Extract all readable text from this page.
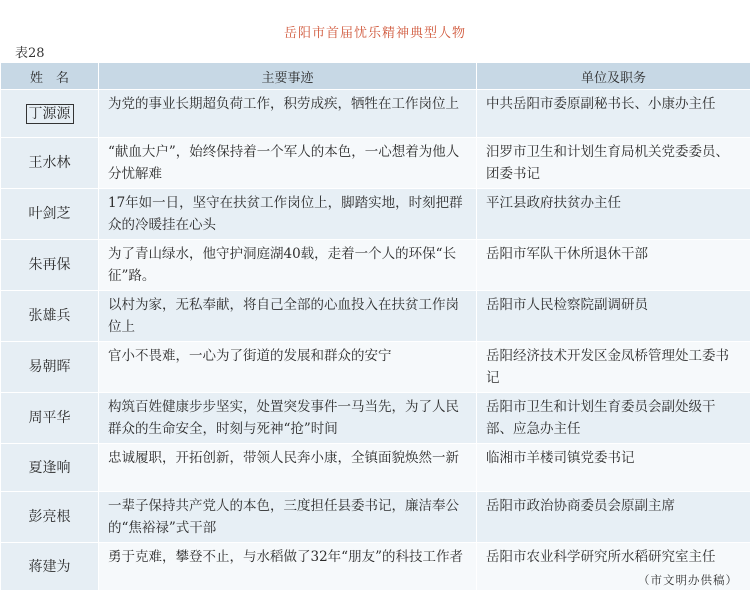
岳阳市首届忧乐精神典型人物
表28
姓　名	主要事迹	单位及职务
丁源源	为党的事业长期超负荷工作，积劳成疾，牺牲在工作岗位上	中共岳阳市委原副秘书长、小康办主任
王水林	“献血大户”，始终保持着一个军人的本色，一心想着为他人分忧解难	汨罗市卫生和计划生育局机关党委委员、团委书记
叶剑芝	17年如一日，坚守在扶贫工作岗位上，脚踏实地，时刻把群众的冷暖挂在心头	平江县政府扶贫办主任
朱再保	为了青山绿水，他守护洞庭湖40载，走着一个人的环保“长征”路。	岳阳市军队干休所退休干部
张雄兵	以村为家，无私奉献，将自己全部的心血投入在扶贫工作岗位上	岳阳市人民检察院副调研员
易朝晖	官小不畏难，一心为了街道的发展和群众的安宁	岳阳经济技术开发区金凤桥管理处工委书记
周平华	构筑百姓健康步步坚实，处置突发事件一马当先，为了人民群众的生命安全，时刻与死神“抢”时间	岳阳市卫生和计划生育委员会副处级干部、应急办主任
夏逢响	忠诚履职，开拓创新，带领人民奔小康，全镇面貌焕然一新	临湘市羊楼司镇党委书记
彭亮根	一辈子保持共产党人的本色，三度担任县委书记，廉洁奉公的“焦裕禄”式干部	岳阳市政治协商委员会原副主席
蒋建为	勇于克难，攀登不止，与水稻做了32年“朋友”的科技工作者	岳阳市农业科学研究所水稻研究室主任
（市文明办供稿）
